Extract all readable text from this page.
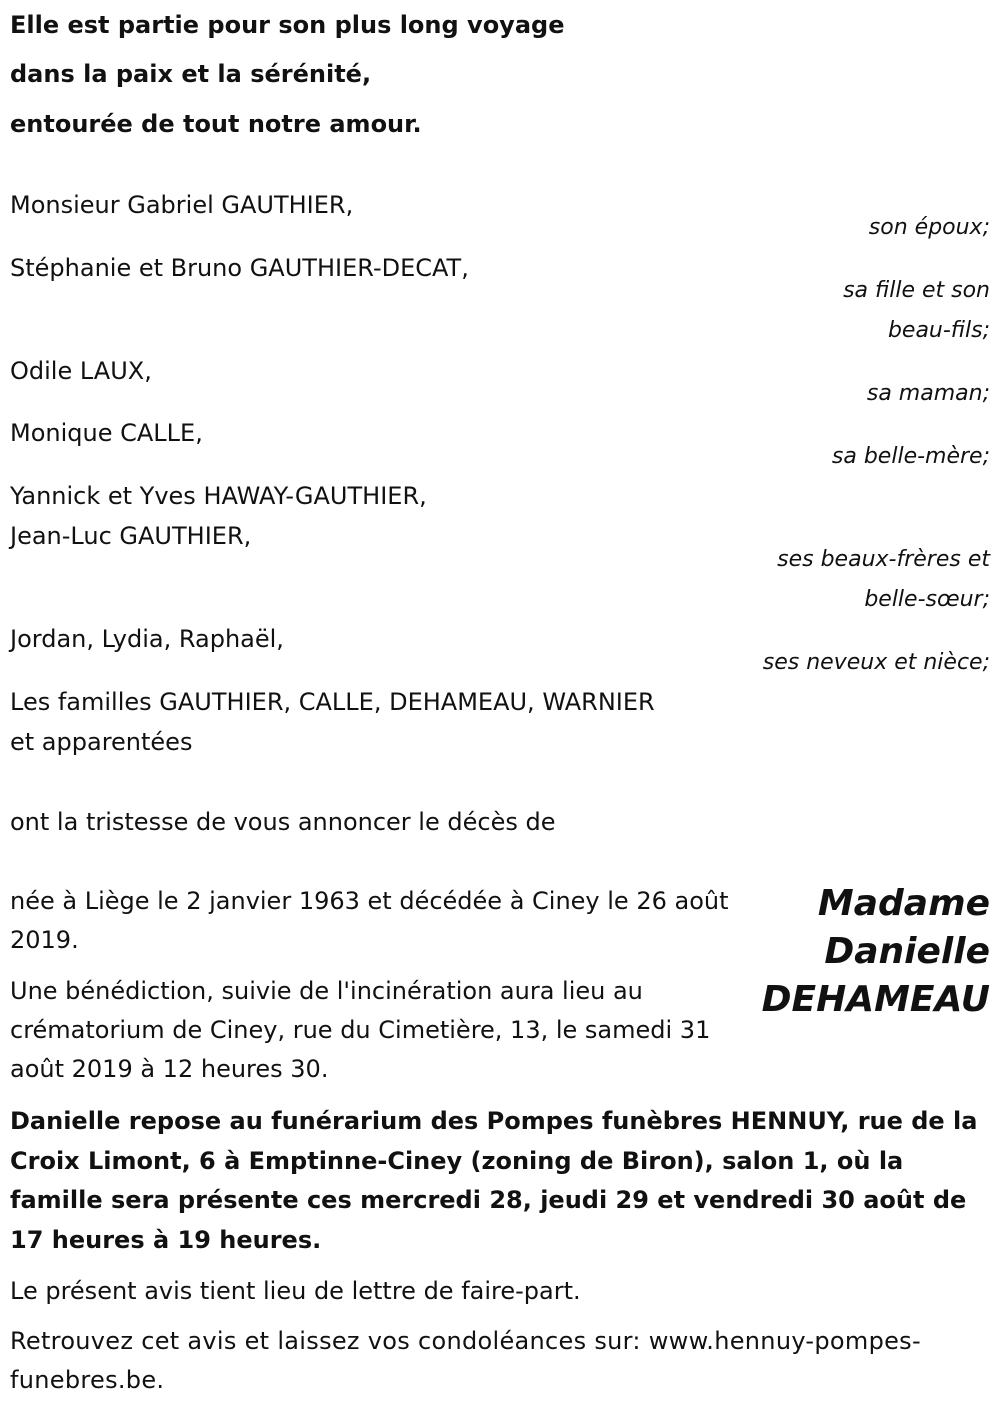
Elle est partie pour son plus long voyage
dans la paix et la sérénité,
entourée de tout notre amour.
Monsieur Gabriel GAUTHIER,
son époux;
Stéphanie et Bruno GAUTHIER-DECAT,
sa fille et son
beau-fils;
Odile LAUX,
sa maman;
Monique CALLE,
sa belle-mère;
Yannick et Yves HAWAY-GAUTHIER,
Jean-Luc GAUTHIER,
ses beaux-frères et
belle-sœur;
Jordan, Lydia, Raphaël,
ses neveux et nièce;
Les familles GAUTHIER, CALLE, DEHAMEAU, WARNIER
et apparentées
ont la tristesse de vous annoncer le décès de
Madame
Danielle
DEHAMEAU
née à Liège le 2 janvier 1963 et décédée à Ciney le 26 août 2019.
Une bénédiction, suivie de l'incinération aura lieu au crématorium de Ciney, rue du Cimetière, 13, le samedi 31 août 2019 à 12 heures 30.
Danielle repose au funérarium des Pompes funèbres HENNUY, rue de la Croix Limont, 6 à Emptinne-Ciney (zoning de Biron), salon 1, où la famille sera présente ces mercredi 28, jeudi 29 et vendredi 30 août de 17 heures à 19 heures.
Le présent avis tient lieu de lettre de faire-part.
Retrouvez cet avis et laissez vos condoléances sur: www.hennuy-pompes-funebres.be.
